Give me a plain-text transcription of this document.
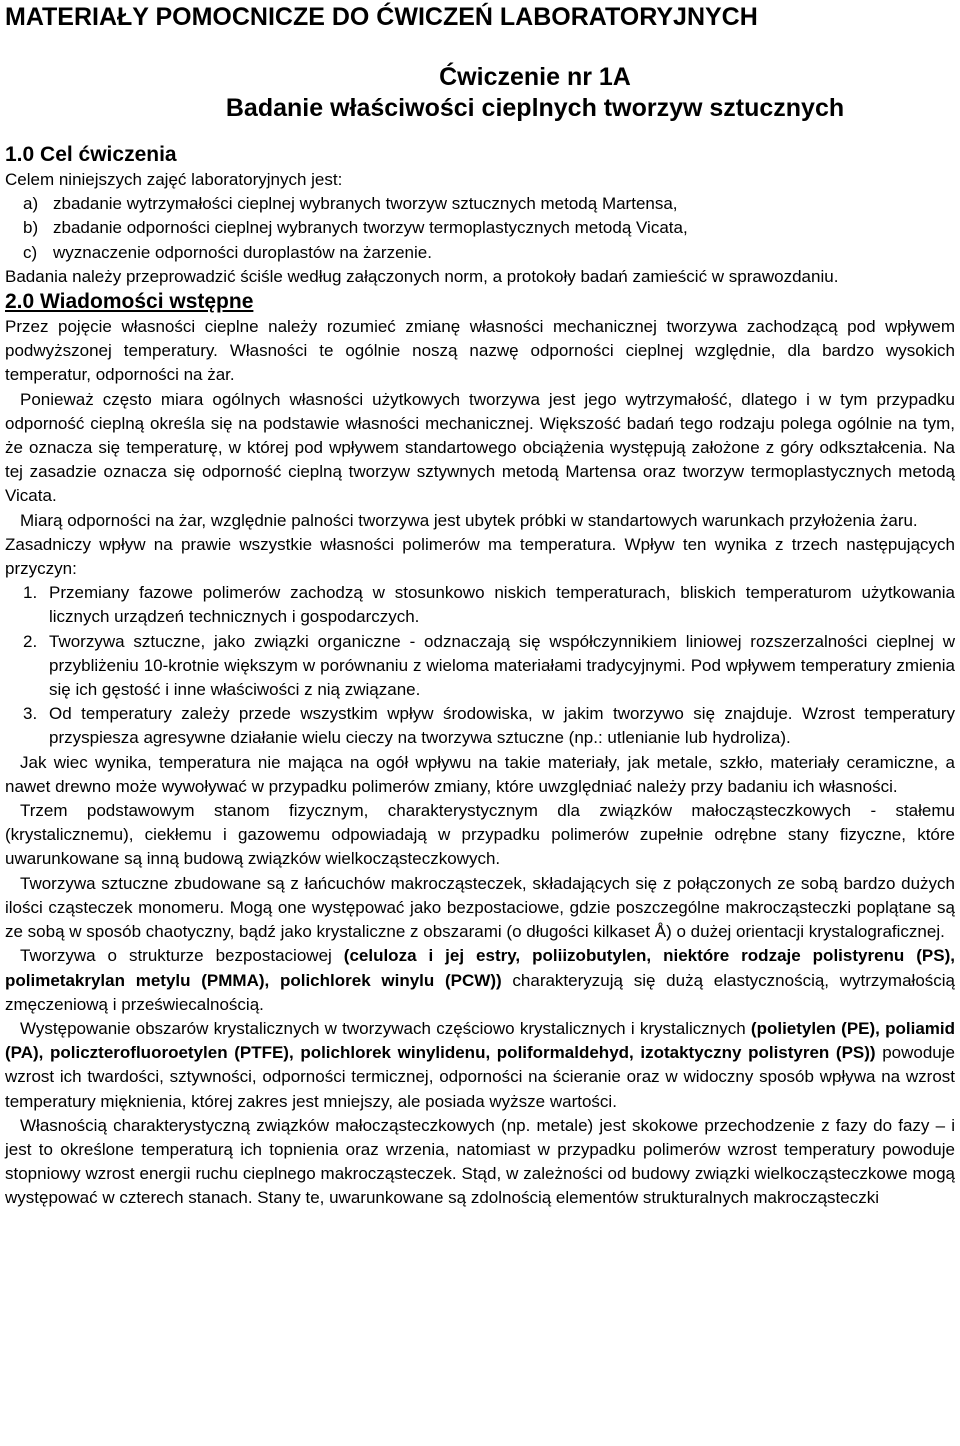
MATERIAŁY POMOCNICZE DO ĆWICZEŃ LABORATORYJNYCH
Ćwiczenie nr 1A
Badanie właściwości cieplnych tworzyw sztucznych
1.0 Cel ćwiczenia

Celem niniejszych zajęć laboratoryjnych jest:

a) zbadanie wytrzymałości cieplnej wybranych tworzyw sztucznych metodą Martensa,
b) zbadanie odporności cieplnej wybranych tworzyw termoplastycznych metodą Vicata,
c) wyznaczenie odporności duroplastów na żarzenie.

Badania należy przeprowadzić ściśle według załączonych norm, a protokoły badań zamieścić w sprawozdaniu.

2.0 Wiadomości wstępne

Przez pojęcie własności cieplne należy rozumieć zmianę własności mechanicznej tworzywa zachodzącą pod wpływem podwyższonej temperatury. Własności te ogólnie noszą nazwę odporności cieplnej względnie, dla bardzo wysokich temperatur, odporności na żar.

Ponieważ często miara ogólnych własności użytkowych tworzywa jest jego wytrzymałość, dlatego i w tym przypadku odporność cieplną określa się na podstawie własności mechanicznej. Większość badań tego rodzaju polega ogólnie na tym, że oznacza się temperaturę, w której pod wpływem standartowego obciążenia występują założone z góry odkształcenia. Na tej zasadzie oznacza się odporność cieplną tworzyw sztywnych metodą Martensa oraz tworzyw termoplastycznych metodą Vicata.

Miarą odporności na żar, względnie palności tworzywa jest ubytek próbki w standartowych warunkach przyłożenia żaru.

Zasadniczy wpływ na prawie wszystkie własności polimerów ma temperatura. Wpływ ten wynika z trzech następujących przyczyn:

1. Przemiany fazowe polimerów zachodzą w stosunkowo niskich temperaturach, bliskich temperaturom użytkowania licznych urządzeń technicznych i gospodarczych.
2. Tworzywa sztuczne, jako związki organiczne - odznaczają się współczynnikiem liniowej rozszerzalności cieplnej w przybliżeniu 10-krotnie większym w porównaniu z wieloma materiałami tradycyjnymi. Pod wpływem temperatury zmienia się ich gęstość i inne właściwości z nią związane.
3. Od temperatury zależy przede wszystkim wpływ środowiska, w jakim tworzywo się znajduje. Wzrost temperatury przyspiesza agresywne działanie wielu cieczy na tworzywa sztuczne (np.: utlenianie lub hydroliza).

Jak wiec wynika, temperatura nie mająca na ogół wpływu na takie materiały, jak metale, szkło, materiały ceramiczne, a nawet drewno może wywoływać w przypadku polimerów zmiany, które uwzględniać należy przy badaniu ich własności.

Trzem podstawowym stanom fizycznym, charakterystycznym dla związków małocząsteczkowych - stałemu (krystalicznemu), ciekłemu i gazowemu odpowiadają w przypadku polimerów zupełnie odrębne stany fizyczne, które uwarunkowane są inną budową związków wielkocząsteczkowych.

Tworzywa sztuczne zbudowane są z łańcuchów makrocząsteczek, składających się z połączonych ze sobą bardzo dużych ilości cząsteczek monomeru. Mogą one występować jako bezpostaciowe, gdzie poszczególne makrocząsteczki poplątane są ze sobą w sposób chaotyczny, bądź jako krystaliczne z obszarami (o długości kilkaset Å) o dużej orientacji krystalograficznej.

Tworzywa o strukturze bezpostaciowej (celuloza i jej estry, poliizobutylen, niektóre rodzaje polistyrenu (PS), polimetakrylan metylu (PMMA), polichlorek winylu (PCW)) charakteryzują się dużą elastycznością, wytrzymałością zmęczeniową i przeświecalnością.

Występowanie obszarów krystalicznych w tworzywach częściowo krystalicznych i krystalicznych (polietylen (PE), poliamid (PA), policzterofluoroetylen (PTFE), polichlorek winylidenu, poliformaldehyd, izotaktyczny polistyren (PS)) powoduje wzrost ich twardości, sztywności, odporności termicznej, odporności na ścieranie oraz w widoczny sposób wpływa na wzrost temperatury mięknienia, której zakres jest mniejszy, ale posiada wyższe wartości.

Własnością charakterystyczną związków małocząsteczkowych (np. metale) jest skokowe przechodzenie z fazy do fazy – i jest to określone temperaturą ich topnienia oraz wrzenia, natomiast w przypadku polimerów wzrost temperatury powoduje stopniowy wzrost energii ruchu cieplnego makrocząsteczek. Stąd, w zależności od budowy związki wielkocząsteczkowe mogą występować w czterech stanach. Stany te, uwarunkowane są zdolnością elementów strukturalnych makrocząsteczki
